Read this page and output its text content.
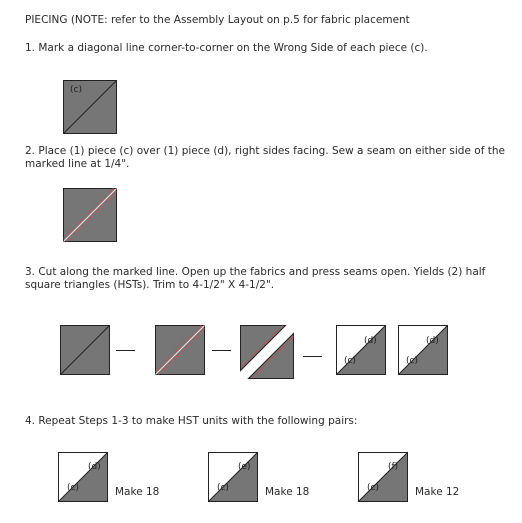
PIECING (NOTE: refer to the Assembly Layout on p.5 for fabric placement
1. Mark a diagonal line corner-to-corner on the Wrong Side of each piece (c).
(c)
2. Place (1) piece (c) over (1) piece (d), right sides facing. Sew a seam on either side of the marked line at 1/4".
3. Cut along the marked line. Open up the fabrics and press seams open. Yields (2) half square triangles (HSTs). Trim to 4-1/2" X 4-1/2".
(d)
(c)
(d)
(c)
4. Repeat Steps 1-3 to make HST units with the following pairs:
(d)
(c)	Make 18
(e)
(c)	Make 18
(f)
(c)	Make 12
